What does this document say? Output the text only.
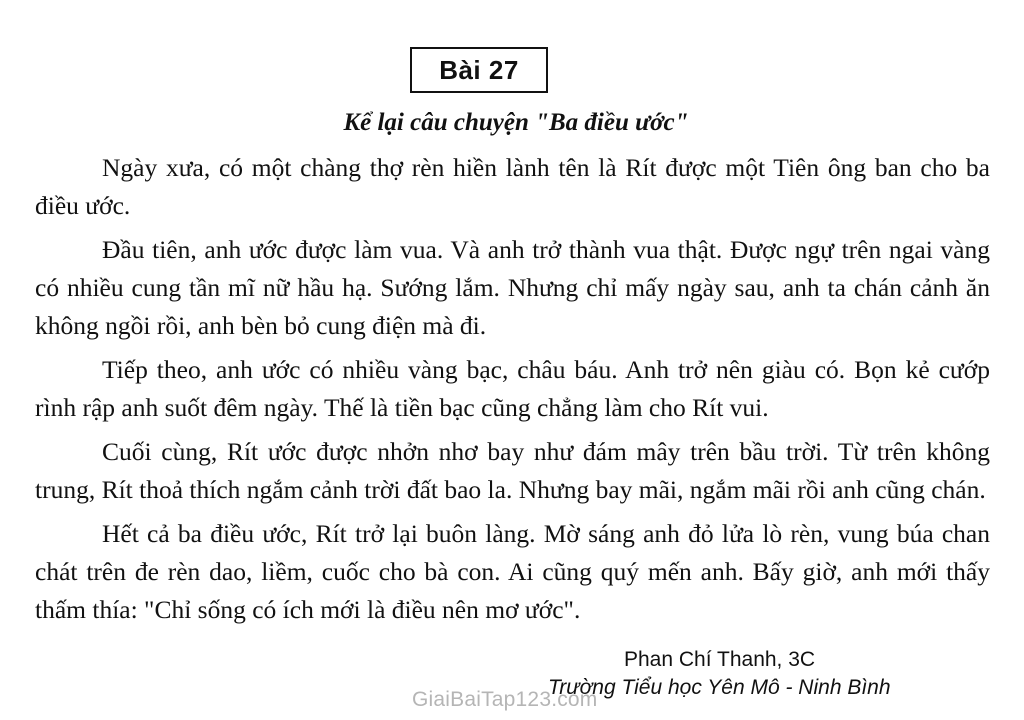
Bài 27
Kể lại câu chuyện "Ba điều ước"

Ngày xưa, có một chàng thợ rèn hiền lành tên là Rít được một Tiên ông ban cho ba điều ước.

Đầu tiên, anh ước được làm vua. Và anh trở thành vua thật. Được ngự trên ngai vàng có nhiều cung tần mĩ nữ hầu hạ. Sướng lắm. Nhưng chỉ mấy ngày sau, anh ta chán cảnh ăn không ngồi rồi, anh bèn bỏ cung điện mà đi.

Tiếp theo, anh ước có nhiều vàng bạc, châu báu. Anh trở nên giàu có. Bọn kẻ cướp rình rập anh suốt đêm ngày. Thế là tiền bạc cũng chẳng làm cho Rít vui.

Cuối cùng, Rít ước được nhởn nhơ bay như đám mây trên bầu trời. Từ trên không trung, Rít thoả thích ngắm cảnh trời đất bao la. Nhưng bay mãi, ngắm mãi rồi anh cũng chán.

Hết cả ba điều ước, Rít trở lại buôn làng. Mờ sáng anh đỏ lửa lò rèn, vung búa chan chát trên đe rèn dao, liềm, cuốc cho bà con. Ai cũng quý mến anh. Bấy giờ, anh mới thấy thấm thía: "Chỉ sống có ích mới là điều nên mơ ước".

Phan Chí Thanh, 3C
Trường Tiểu học Yên Mô - Ninh Bình
GiaiBaiTap123.com
